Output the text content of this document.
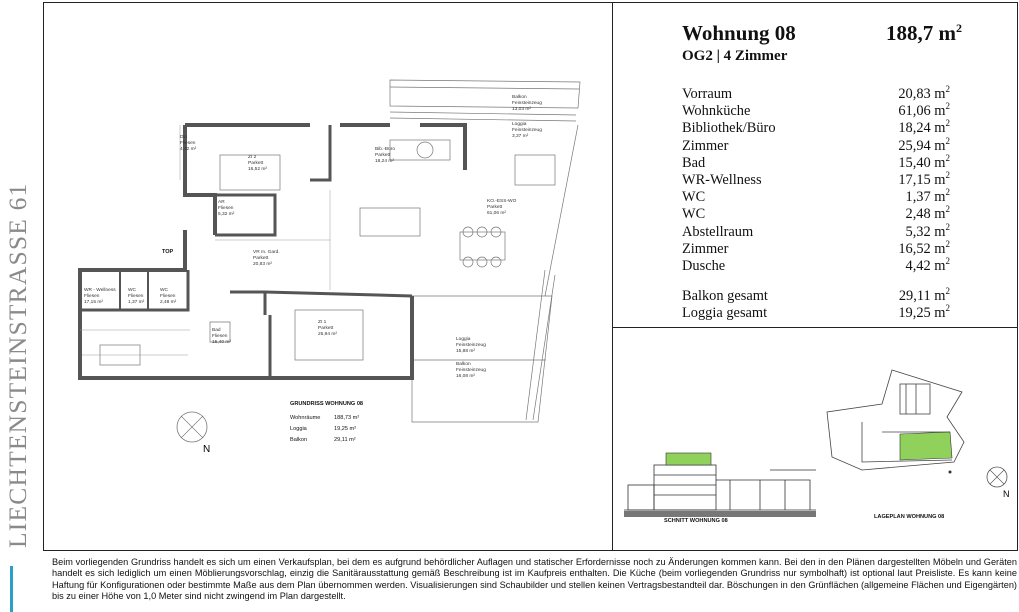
LIECHTENSTEINSTRASSE 61	TOP
Balkon
Feinsteinzeug
13,03 m²
Loggia
Feinsteinzeug
3,37 m²
DU
Fliesen
4,42 m²
ZI 2
Parkett
16,52 m²
Bib.-Büro
Parkett
18,24 m²
KO.-ESS-WO
Parkett
61,06 m²
AR
Fliesen
5,32 m²
VR m. Gard.
Parkett
20,83 m²
WR - Wellness
Fliesen
17,15 m²
WC
Fliesen
1,37 m²
WC
Fliesen
2,48 m²
Bad
Fliesen
15,40 m²
ZI 1
Parkett
25,94 m²
Loggia
Feinsteinzeug
15,88 m²
Balkon
Feinsteinzeug
16,08 m²
N
GRUNDRISS WOHNUNG 08
Wohnräume	188,73 m²
Loggia	19,25 m²
Balkon	29,11 m²
Wohnung 08	188,7 $m^2$
OG2 | 4 Zimmer
Vorraum	20,83 $m^2$
Wohnküche	61,06 $m^2$
Bibliothek/Büro	18,24 $m^2$
Zimmer	25,94 $m^2$
Bad	15,40 $m^2$
WR-Wellness	17,15 $m^2$
WC	1,37 $m^2$
WC	2,48 $m^2$
Abstellraum	5,32 $m^2$
Zimmer	16,52 $m^2$
Dusche	4,42 $m^2$
Balkon gesamt	29,11 $m^2$
Loggia gesamt	19,25 $m^2$
SCHNITT WOHNUNG 08
LAGEPLAN WOHNUNG 08
N
Beim vorliegenden Grundriss handelt es sich um einen Verkaufsplan, bei dem es aufgrund behördlicher Auflagen und statischer Erfordernisse noch zu Änderungen kommen kann. Bei den in den Plänen dargestellten Möbeln und Geräten handelt es sich lediglich um einen Möblierungsvorschlag, einzig die Sanitärausstattung gemäß Beschreibung ist im Kaufpreis enthalten. Die Küche (beim vorliegenden Grundriss nur symbolhaft) ist optional laut Preisliste. Es kann keine Haftung für Konfigurationen oder bestimmte Maße aus dem Plan übernommen werden. Visualisierungen sind Schaubilder und stellen keinen Vertragsbestandteil dar. Böschungen in den Grünflächen (allgemeine Flächen und Eigengärten) bis zu einer Höhe von 1,0 Meter sind nicht zwingend im Plan dargestellt.
